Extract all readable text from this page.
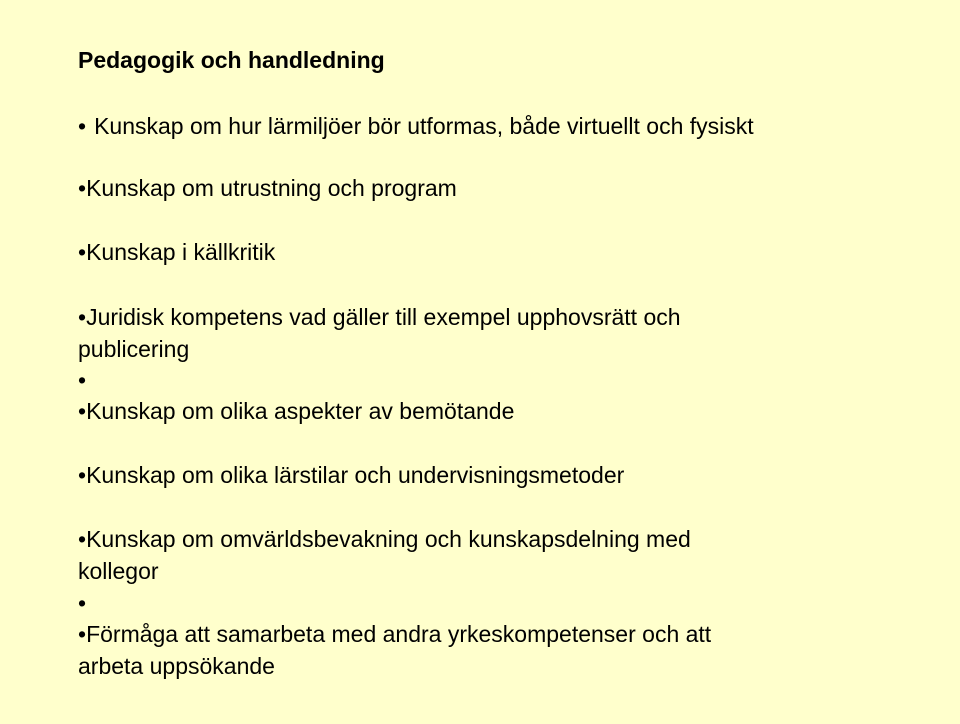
Pedagogik och handledning
• Kunskap om hur lärmiljöer bör utformas, både virtuellt och fysiskt
•Kunskap om utrustning och program
•Kunskap i källkritik
•Juridisk kompetens vad gäller till exempel upphovsrätt och
publicering
•
•Kunskap om olika aspekter av bemötande
•Kunskap om olika lärstilar och undervisningsmetoder
•Kunskap om omvärldsbevakning och kunskapsdelning med
kollegor
•
•Förmåga att samarbeta med andra yrkeskompetenser och att
arbeta uppsökande
